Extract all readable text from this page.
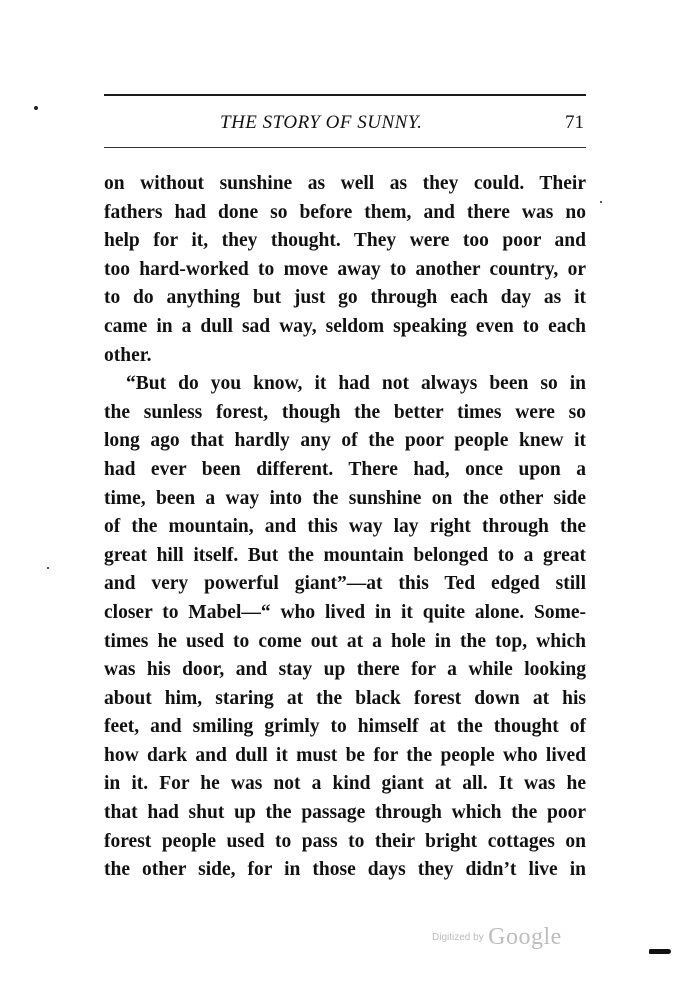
THE STORY OF SUNNY.	71
on without sunshine as well as they could. Their
fathers had done so before them, and there was no
help for it, they thought. They were too poor and
too hard-worked to move away to another country, or
to do anything but just go through each day as it
came in a dull sad way, seldom speaking even to each
other.
“But do you know, it had not always been so in
the sunless forest, though the better times were so
long ago that hardly any of the poor people knew it
had ever been different. There had, once upon a
time, been a way into the sunshine on the other side
of the mountain, and this way lay right through the
great hill itself. But the mountain belonged to a great
and very powerful giant”—at this Ted edged still
closer to Mabel—“ who lived in it quite alone. Some-
times he used to come out at a hole in the top, which
was his door, and stay up there for a while looking
about him, staring at the black forest down at his
feet, and smiling grimly to himself at the thought of
how dark and dull it must be for the people who lived
in it. For he was not a kind giant at all. It was he
that had shut up the passage through which the poor
forest people used to pass to their bright cottages on
the other side, for in those days they didn’t live in
Digitized by Google
